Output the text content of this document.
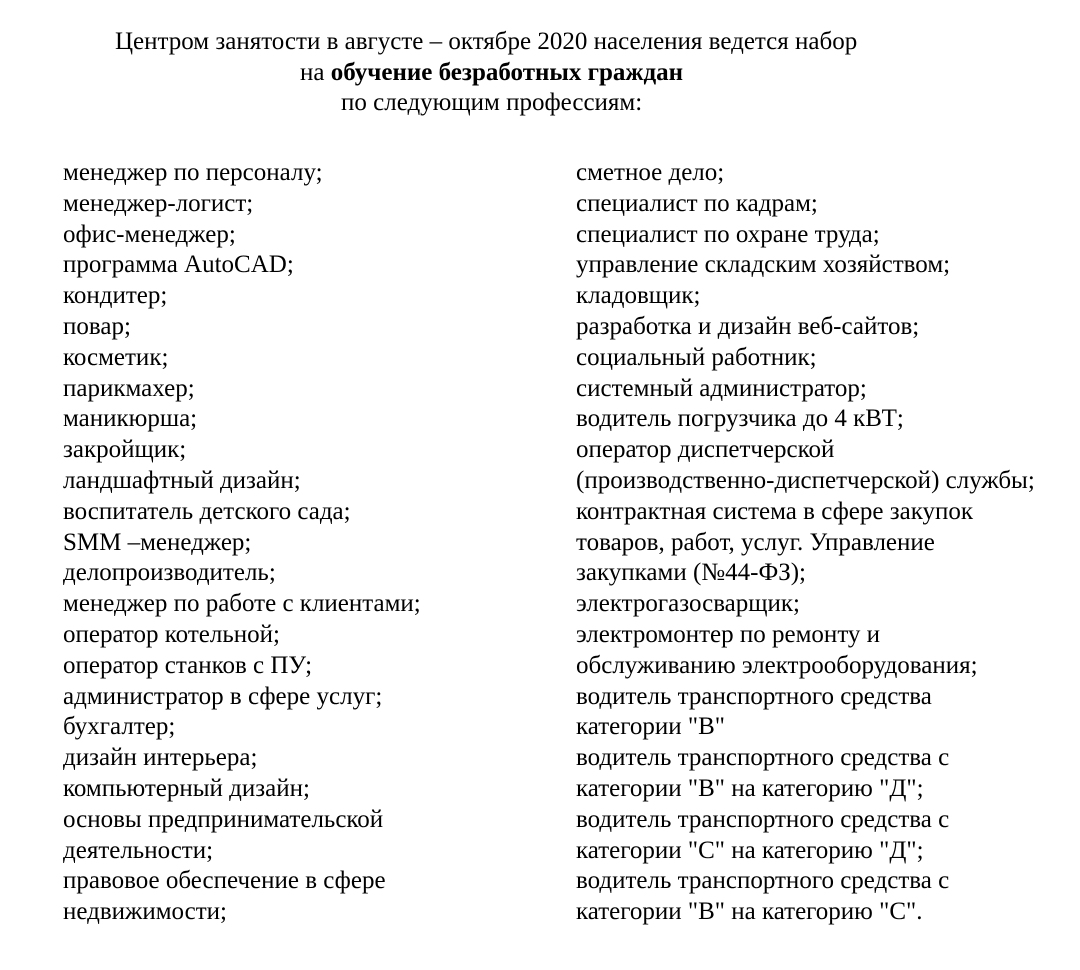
Центром занятости в августе – октябре 2020 населения ведется набор
на обучение безработных граждан
по следующим профессиям:
менеджер по персоналу;
менеджер-логист;
офис-менеджер;
программа AutoCAD;
кондитер;
повар;
косметик;
парикмахер;
маникюрша;
закройщик;
ландшафтный дизайн;
воспитатель детского сада;
SMM –менеджер;
делопроизводитель;
менеджер по работе с клиентами;
оператор котельной;
оператор станков с ПУ;
администратор в сфере услуг;
бухгалтер;
дизайн интерьера;
компьютерный дизайн;
основы предпринимательской
деятельности;
правовое обеспечение в сфере
недвижимости;
сметное дело;
специалист по кадрам;
специалист по охране труда;
управление складским хозяйством;
кладовщик;
разработка и дизайн веб-сайтов;
социальный работник;
системный администратор;
водитель погрузчика до 4 кВТ;
оператор диспетчерской
(производственно-диспетчерской) службы;
контрактная система в сфере закупок
товаров, работ, услуг. Управление
закупками (№44-ФЗ);
электрогазосварщик;
электромонтер по ремонту и
обслуживанию электрооборудования;
водитель транспортного средства
категории "В"
водитель транспортного средства с
категории "В" на категорию "Д";
водитель транспортного средства с
категории "С" на категорию "Д";
водитель транспортного средства с
категории "В" на категорию "С".
